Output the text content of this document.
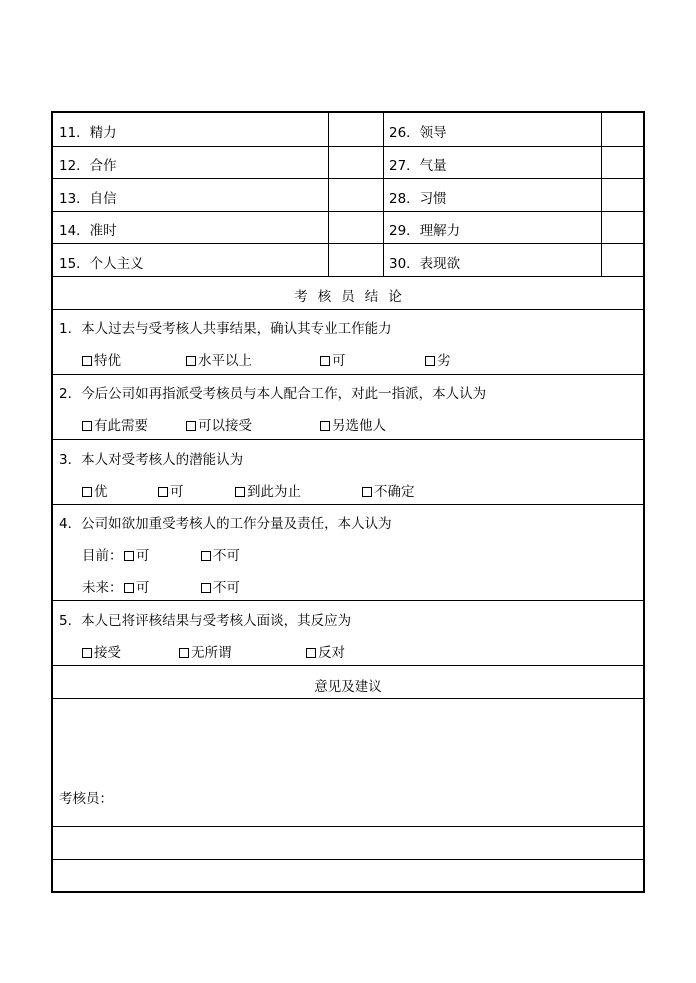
11．精力	26．领导
12．合作	27．气量
13．自信	28．习惯
14．准时	29．理解力
15．个人主义	30．表现欲
考核员结论
1．本人过去与受考核人共事结果，确认其专业工作能力
特优	水平以上	可	劣
2．今后公司如再指派受考核员与本人配合工作，对此一指派，本人认为
有此需要	可以接受	另选他人
3．本人对受考核人的潜能认为
优	可	到此为止	不确定
4．公司如欲加重受考核人的工作分量及责任，本人认为
目前：	可	不可
未来：	可	不可
5．本人已将评核结果与受考核人面谈，其反应为
接受	无所谓	反对
意见及建议
考核员：
